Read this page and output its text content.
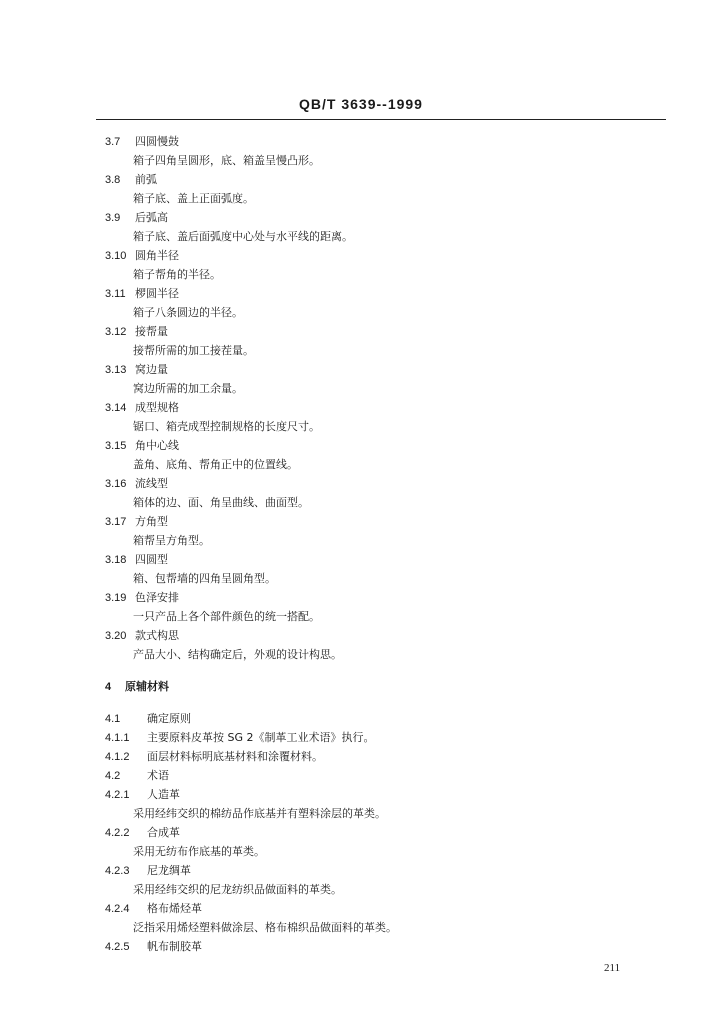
QB/T 3639--1999
3.7 四圆慢鼓
箱子四角呈圆形，底、箱盖呈慢凸形。
3.8 前弧
箱子底、盖上正面弧度。
3.9 后弧高
箱子底、盖后面弧度中心处与水平线的距离。
3.10 圆角半径
箱子帮角的半径。
3.11 椤圆半径
箱子八条圆边的半径。
3.12 接帮量
接帮所需的加工接茬量。
3.13 窝边量
窝边所需的加工余量。
3.14 成型规格
锯口、箱壳成型控制规格的长度尺寸。
3.15 角中心线
盖角、底角、帮角正中的位置线。
3.16 流线型
箱体的边、面、角呈曲线、曲面型。
3.17 方角型
箱帮呈方角型。
3.18 四圆型
箱、包帮墙的四角呈圆角型。
3.19 色泽安排
一只产品上各个部件颜色的统一搭配。
3.20 款式构思
产品大小、结构确定后，外观的设计构思。
4 原辅材料
4.1 确定原则
4.1.1 主要原料皮革按 SG 2《制革工业术语》执行。
4.1.2 面层材料标明底基材料和涂覆材料。
4.2 术语
4.2.1 人造革
采用经纬交织的棉纺品作底基并有塑料涂层的革类。
4.2.2 合成革
采用无纺布作底基的革类。
4.2.3 尼龙绸革
采用经纬交织的尼龙纺织品做面料的革类。
4.2.4 格布烯烃革
泛指采用烯烃塑料做涂层、格布棉织品做面料的革类。
4.2.5 帆布制胶革
211
